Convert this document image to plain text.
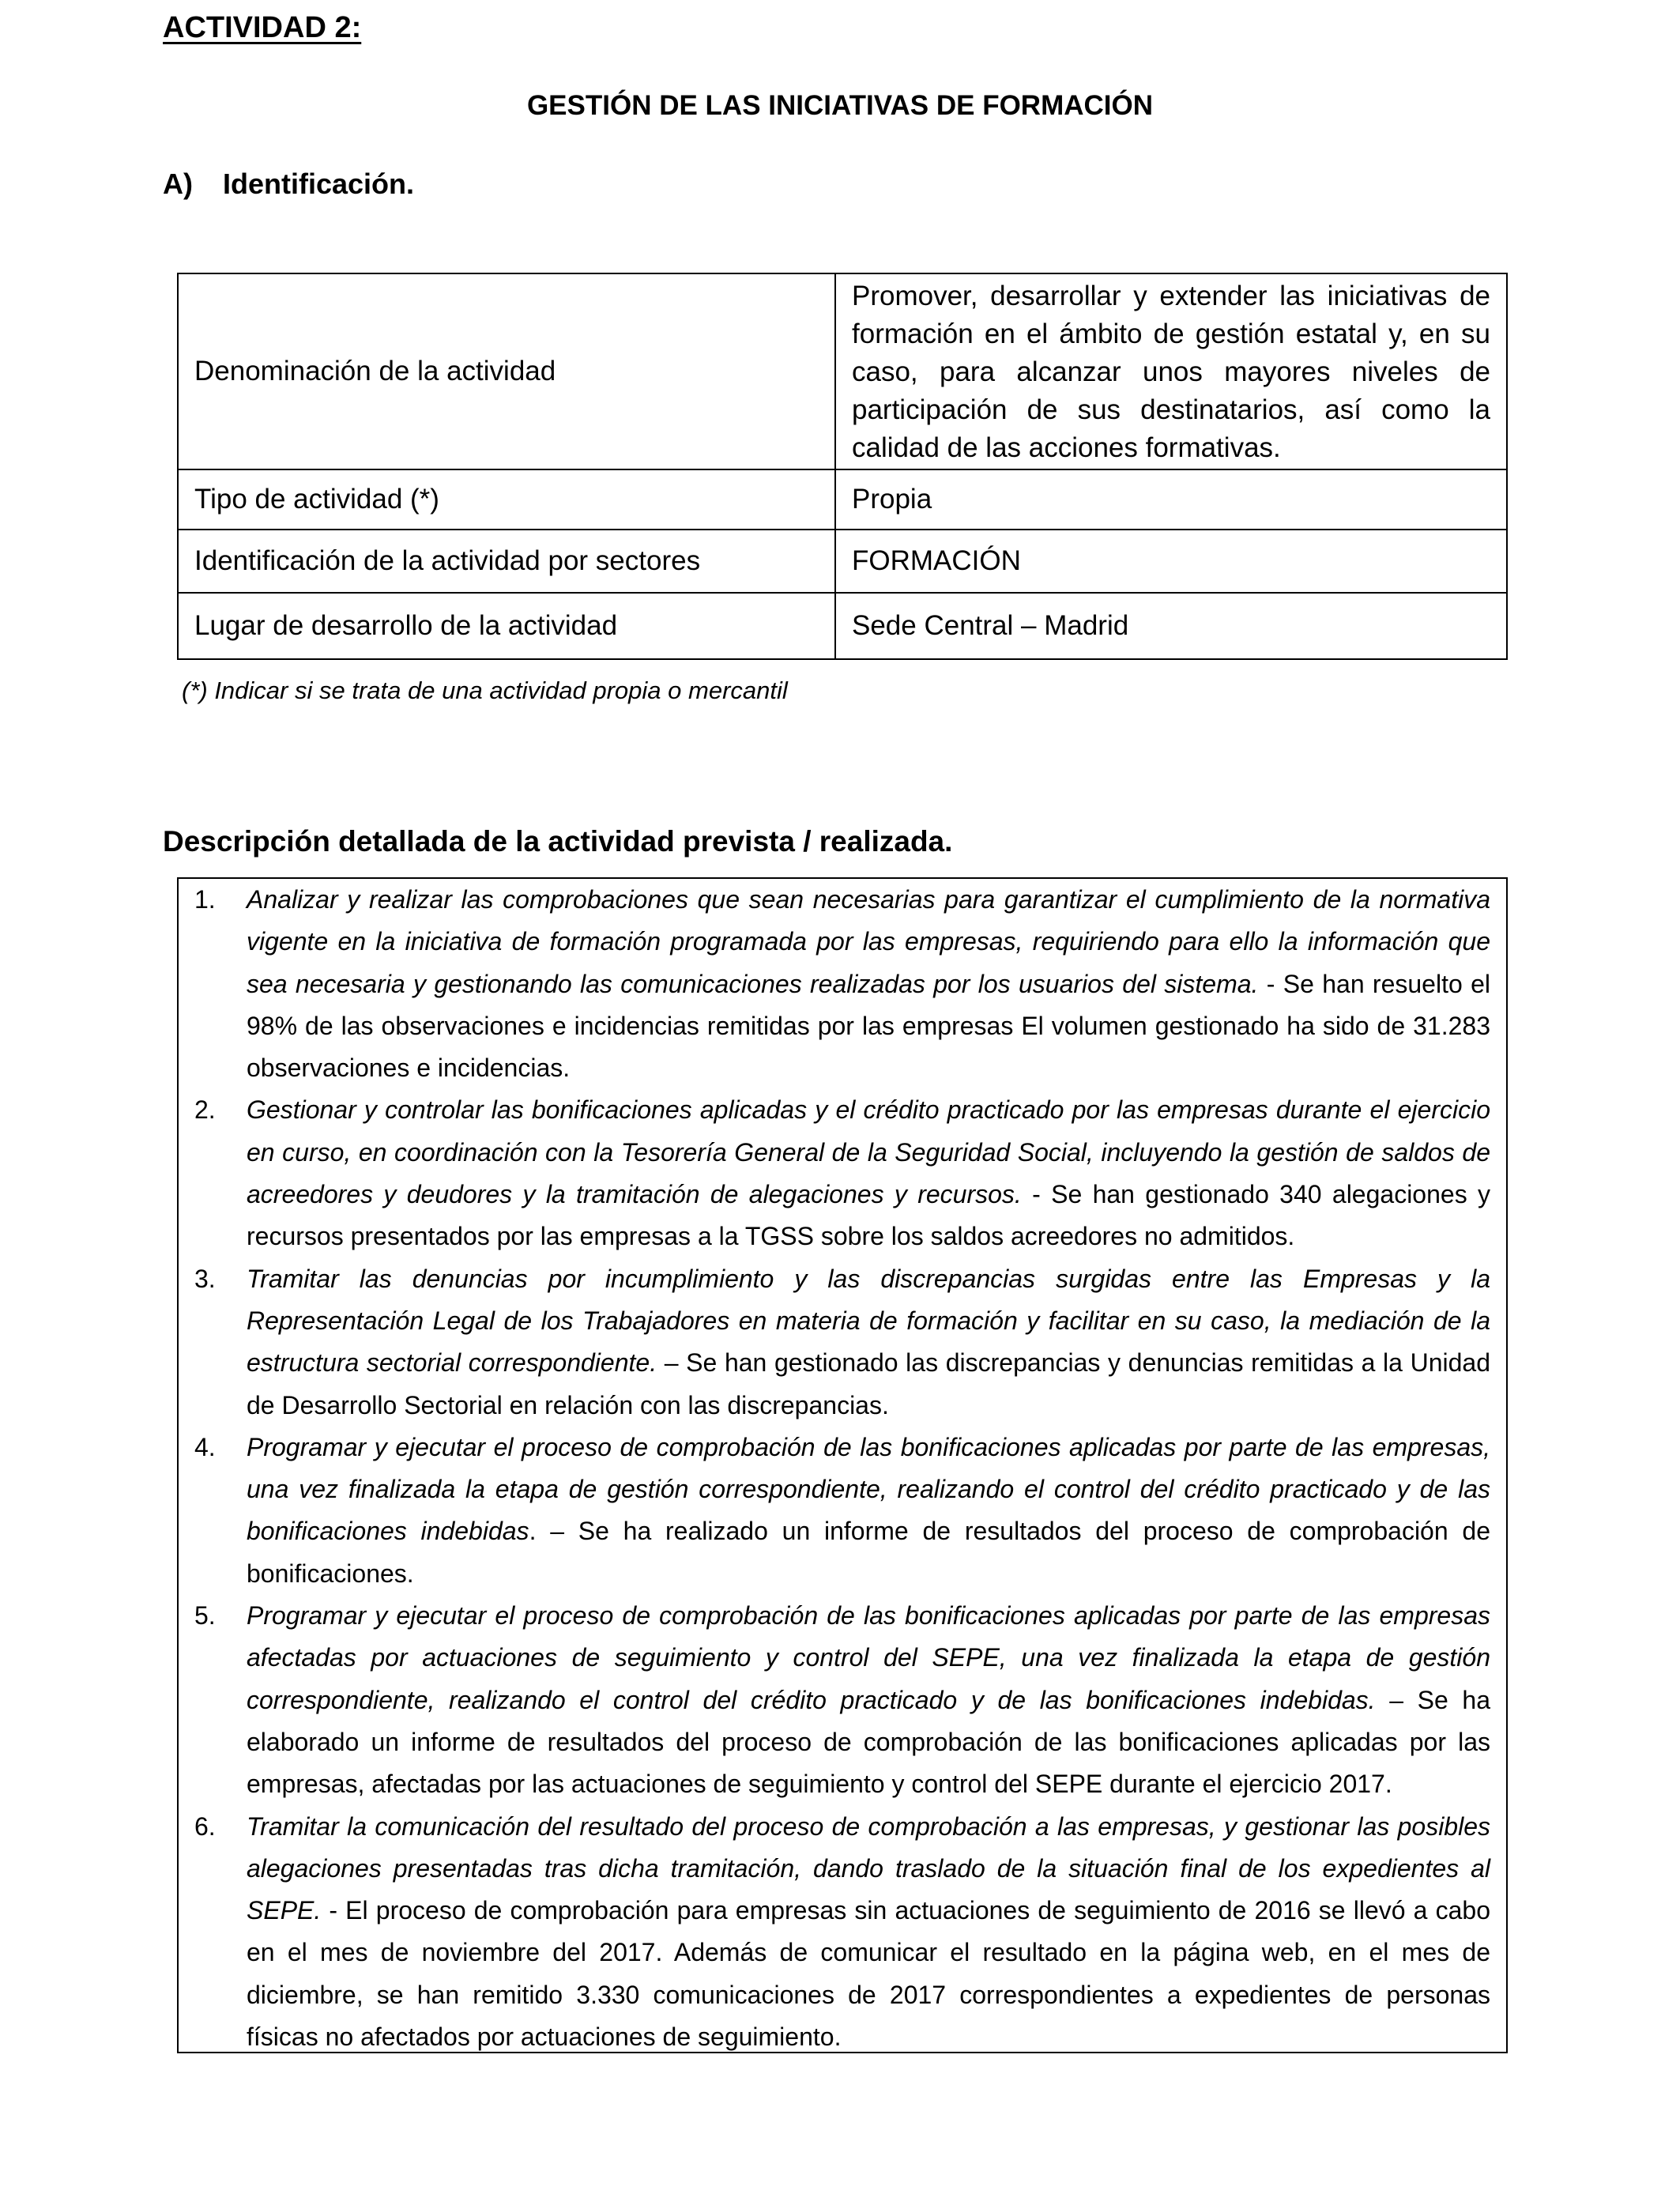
ACTIVIDAD 2:
GESTIÓN DE LAS INICIATIVAS DE FORMACIÓN
A) Identificación.
Denominación de la actividad	Promover, desarrollar y extender las iniciativas de formación en el ámbito de gestión estatal y, en su caso, para alcanzar unos mayores niveles de participación de sus destinatarios, así como la calidad de las acciones formativas.
Tipo de actividad (*)	Propia
Identificación de la actividad por sectores	FORMACIÓN
Lugar de desarrollo de la actividad	Sede Central – Madrid
(*) Indicar si se trata de una actividad propia o mercantil
Descripción detallada de la actividad prevista / realizada.
1. Analizar y realizar las comprobaciones que sean necesarias para garantizar el cumplimiento de la normativa vigente en la iniciativa de formación programada por las empresas, requiriendo para ello la información que sea necesaria y gestionando las comunicaciones realizadas por los usuarios del sistema. - Se han resuelto el 98% de las observaciones e incidencias remitidas por las empresas El volumen gestionado ha sido de 31.283 observaciones e incidencias.
2. Gestionar y controlar las bonificaciones aplicadas y el crédito practicado por las empresas durante el ejercicio en curso, en coordinación con la Tesorería General de la Seguridad Social, incluyendo la gestión de saldos de acreedores y deudores y la tramitación de alegaciones y recursos. - Se han gestionado 340 alegaciones y recursos presentados por las empresas a la TGSS sobre los saldos acreedores no admitidos.
3. Tramitar las denuncias por incumplimiento y las discrepancias surgidas entre las Empresas y la Representación Legal de los Trabajadores en materia de formación y facilitar en su caso, la mediación de la estructura sectorial correspondiente. – Se han gestionado las discrepancias y denuncias remitidas a la Unidad de Desarrollo Sectorial en relación con las discrepancias.
4. Programar y ejecutar el proceso de comprobación de las bonificaciones aplicadas por parte de las empresas, una vez finalizada la etapa de gestión correspondiente, realizando el control del crédito practicado y de las bonificaciones indebidas. – Se ha realizado un informe de resultados del proceso de comprobación de bonificaciones.
5. Programar y ejecutar el proceso de comprobación de las bonificaciones aplicadas por parte de las empresas afectadas por actuaciones de seguimiento y control del SEPE, una vez finalizada la etapa de gestión correspondiente, realizando el control del crédito practicado y de las bonificaciones indebidas. – Se ha elaborado un informe de resultados del proceso de comprobación de las bonificaciones aplicadas por las empresas, afectadas por las actuaciones de seguimiento y control del SEPE durante el ejercicio 2017.
6. Tramitar la comunicación del resultado del proceso de comprobación a las empresas, y gestionar las posibles alegaciones presentadas tras dicha tramitación, dando traslado de la situación final de los expedientes al SEPE. - El proceso de comprobación para empresas sin actuaciones de seguimiento de 2016 se llevó a cabo en el mes de noviembre del 2017. Además de comunicar el resultado en la página web, en el mes de diciembre, se han remitido 3.330 comunicaciones de 2017 correspondientes a expedientes de personas físicas no afectados por actuaciones de seguimiento.
